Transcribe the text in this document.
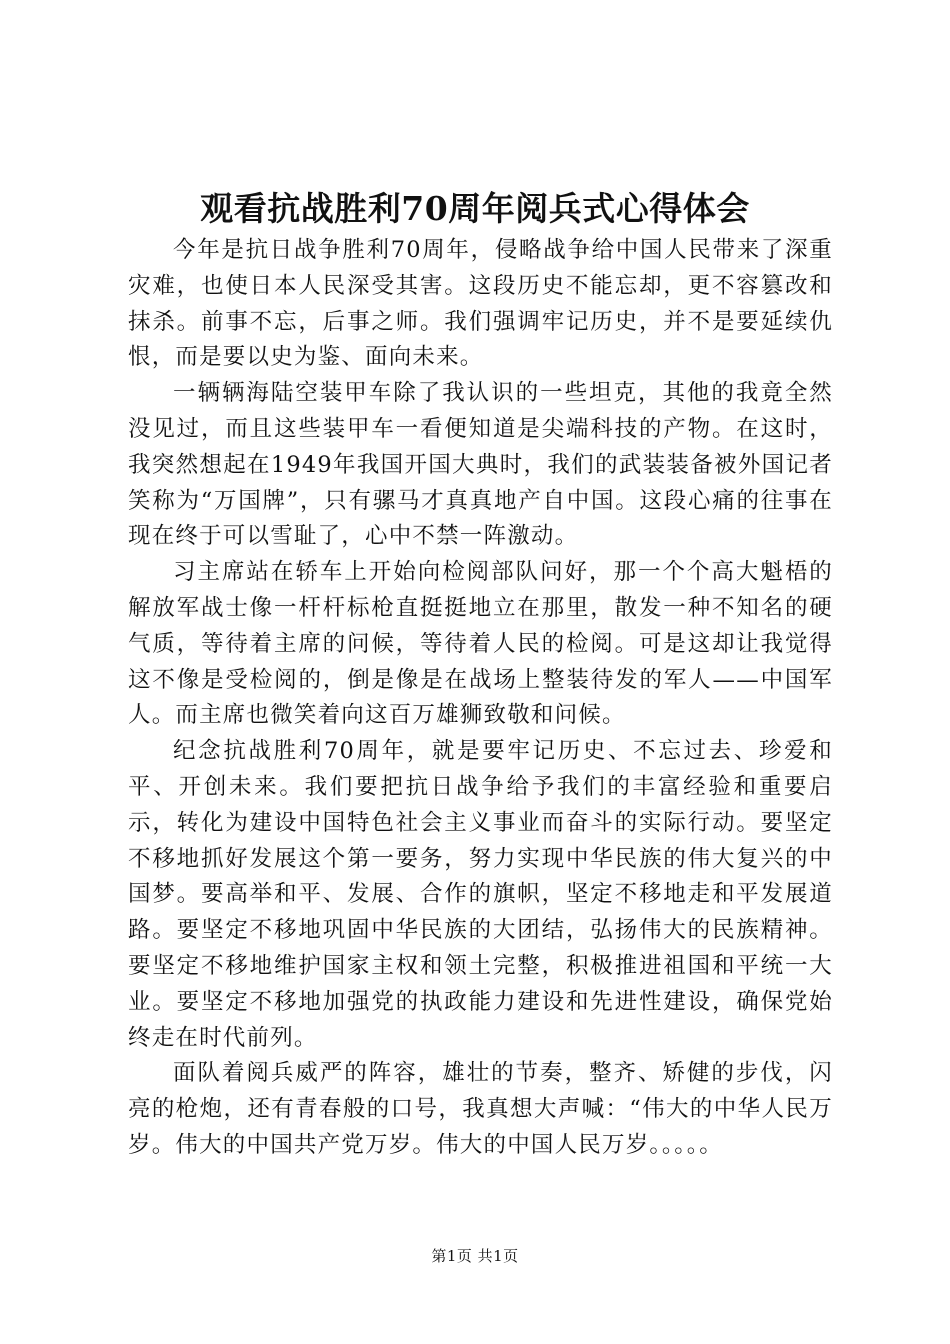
观看抗战胜利70周年阅兵式心得体会

今年是抗日战争胜利70周年，侵略战争给中国人民带来了深重灾难，也使日本人民深受其害。这段历史不能忘却，更不容篡改和抹杀。前事不忘，后事之师。我们强调牢记历史，并不是要延续仇恨，而是要以史为鉴、面向未来。

一辆辆海陆空装甲车除了我认识的一些坦克，其他的我竟全然没见过，而且这些装甲车一看便知道是尖端科技的产物。在这时，我突然想起在1949年我国开国大典时，我们的武装装备被外国记者笑称为“万国牌”，只有骡马才真真地产自中国。这段心痛的往事在现在终于可以雪耻了，心中不禁一阵激动。

习主席站在轿车上开始向检阅部队问好，那一个个高大魁梧的解放军战士像一杆杆标枪直挺挺地立在那里，散发一种不知名的硬气质，等待着主席的问候，等待着人民的检阅。可是这却让我觉得这不像是受检阅的，倒是像是在战场上整装待发的军人——中国军人。而主席也微笑着向这百万雄狮致敬和问候。

纪念抗战胜利70周年，就是要牢记历史、不忘过去、珍爱和平、开创未来。我们要把抗日战争给予我们的丰富经验和重要启示，转化为建设中国特色社会主义事业而奋斗的实际行动。要坚定不移地抓好发展这个第一要务，努力实现中华民族的伟大复兴的中国梦。要高举和平、发展、合作的旗帜，坚定不移地走和平发展道路。要坚定不移地巩固中华民族的大团结，弘扬伟大的民族精神。要坚定不移地维护国家主权和领土完整，积极推进祖国和平统一大业。要坚定不移地加强党的执政能力建设和先进性建设，确保党始终走在时代前列。

面队着阅兵威严的阵容，雄壮的节奏，整齐、矫健的步伐，闪亮的枪炮，还有青春般的口号，我真想大声喊：“伟大的中华人民万岁。伟大的中国共产党万岁。伟大的中国人民万岁。。。。。

第1页 共1页
